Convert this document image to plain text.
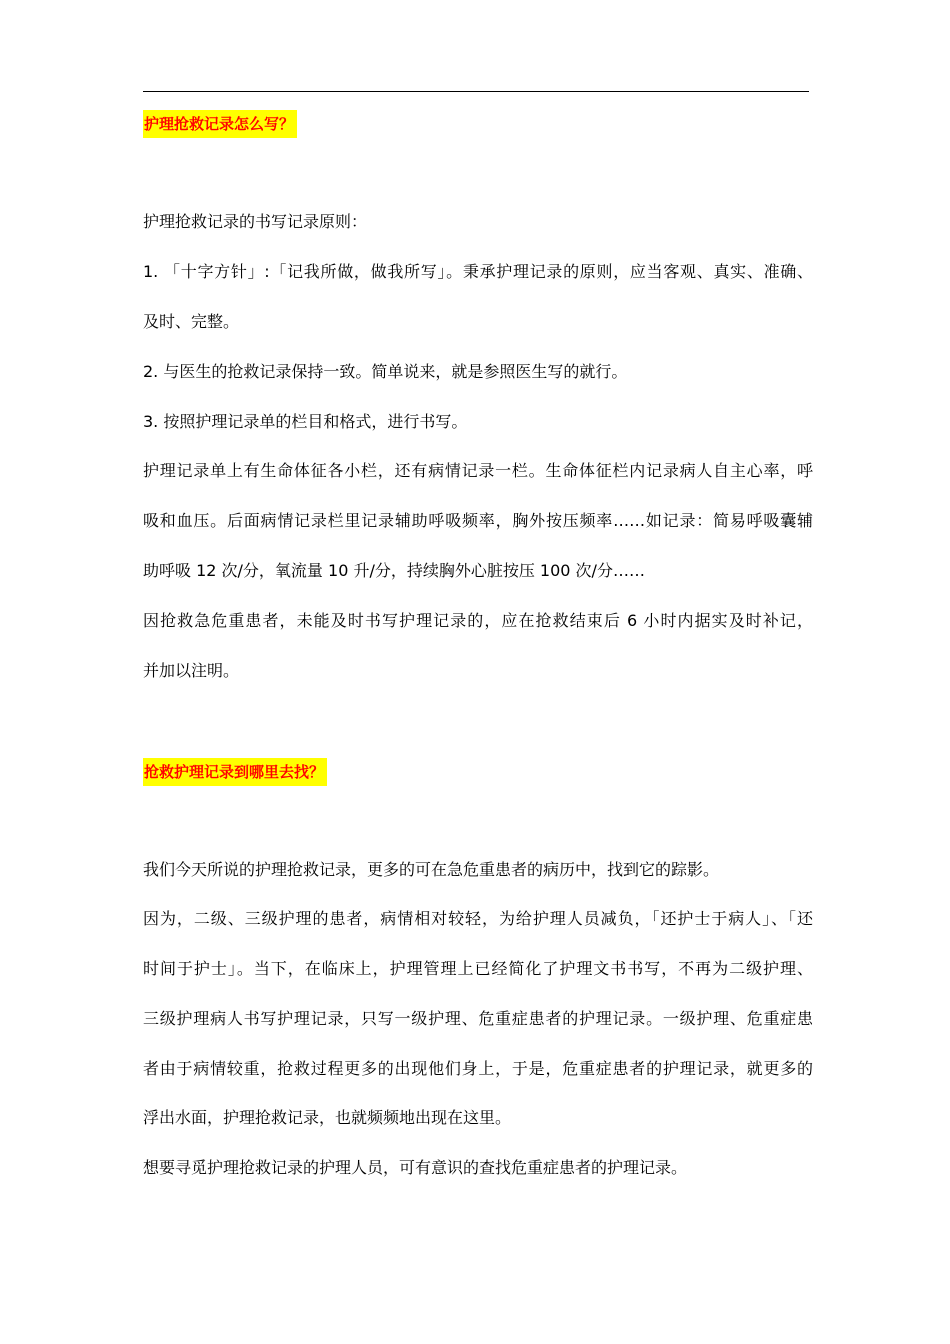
护理抢救记录怎么写？
护理抢救记录的书写记录原则：
1. 「十字方针」:「记我所做，做我所写」。秉承护理记录的原则，应当客观、真实、准确、
及时、完整。
2. 与医生的抢救记录保持一致。简单说来，就是参照医生写的就行。
3. 按照护理记录单的栏目和格式，进行书写。
护理记录单上有生命体征各小栏，还有病情记录一栏。生命体征栏内记录病人自主心率，呼
吸和血压。后面病情记录栏里记录辅助呼吸频率，胸外按压频率……如记录：简易呼吸囊辅
助呼吸 12 次/分，氧流量 10 升/分，持续胸外心脏按压 100 次/分……
因抢救急危重患者，未能及时书写护理记录的，应在抢救结束后 6 小时内据实及时补记，
并加以注明。
抢救护理记录到哪里去找？
我们今天所说的护理抢救记录，更多的可在急危重患者的病历中，找到它的踪影。
因为，二级、三级护理的患者，病情相对较轻，为给护理人员减负，「还护士于病人」、「还
时间于护士」。当下，在临床上，护理管理上已经简化了护理文书书写，不再为二级护理、
三级护理病人书写护理记录，只写一级护理、危重症患者的护理记录。一级护理、危重症患
者由于病情较重，抢救过程更多的出现他们身上，于是，危重症患者的护理记录，就更多的
浮出水面，护理抢救记录，也就频频地出现在这里。
想要寻觅护理抢救记录的护理人员，可有意识的查找危重症患者的护理记录。
